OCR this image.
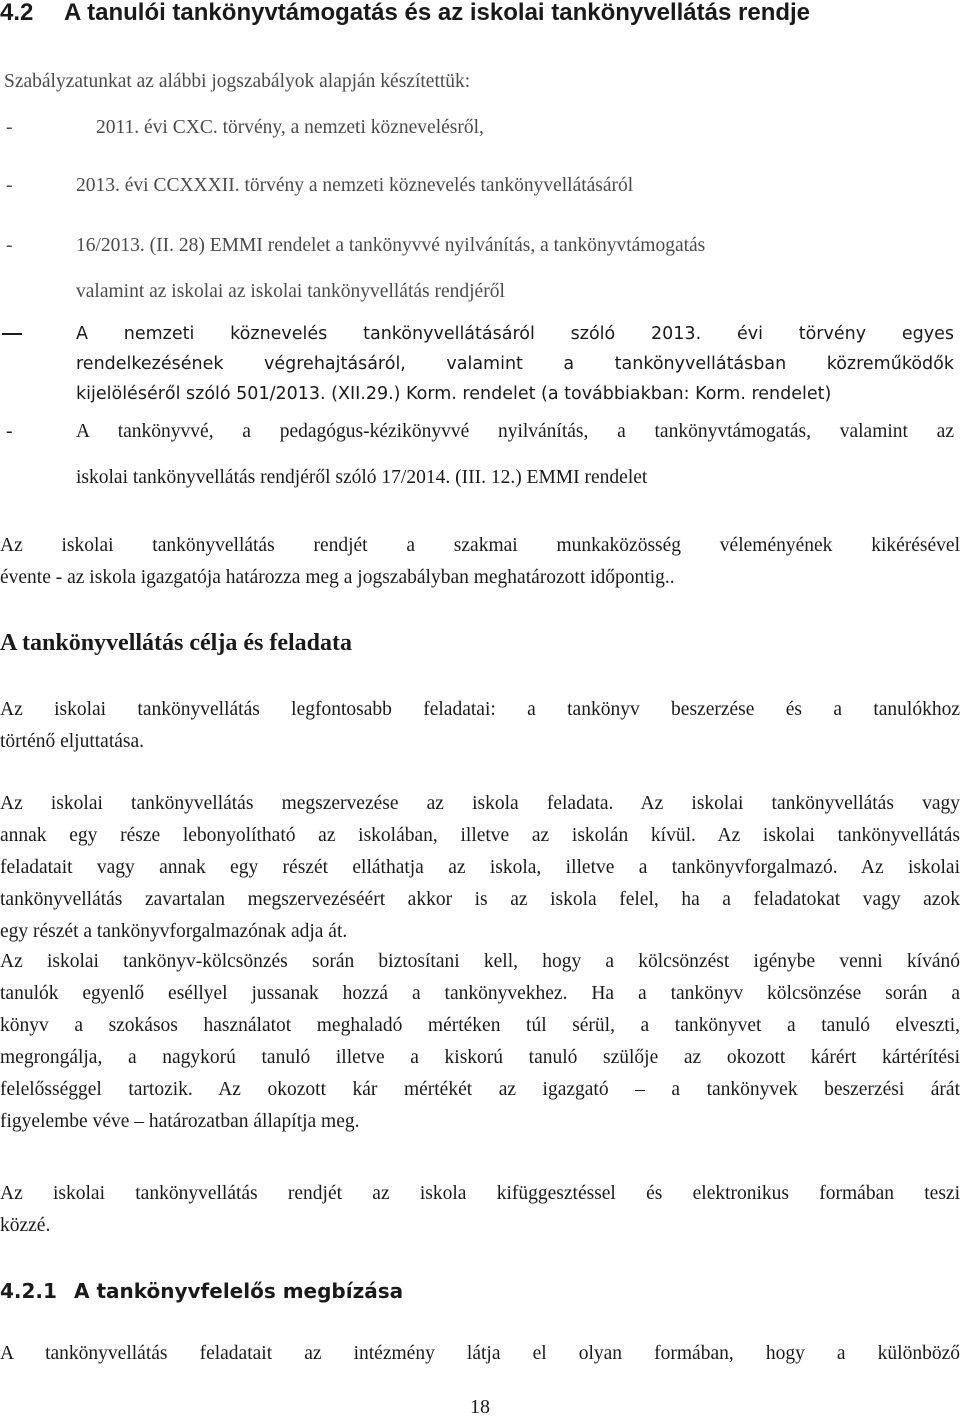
4.2 A tanulói tankönyvtámogatás és az iskolai tankönyvellátás rendje
Szabályzatunkat az alábbi jogszabályok alapján készítettük:
-	2011. évi CXC. törvény, a nemzeti köznevelésről,
-	2013. évi CCXXXII. törvény a nemzeti köznevelés tankönyvellátásáról
-	16/2013. (II. 28) EMMI rendelet a tankönyvvé nyilvánítás, a tankönyvtámogatás
valamint az iskolai az iskolai tankönyvellátás rendjéről
A nemzeti köznevelés tankönyvellátásáról szóló 2013. évi törvény egyes
rendelkezésének végrehajtásáról, valamint a tankönyvellátásban közreműködők
kijelöléséről szóló 501/2013. (XII.29.) Korm. rendelet (a továbbiakban: Korm. rendelet)
-	A tankönyvvé, a pedagógus-kézikönyvvé nyilvánítás, a tankönyvtámogatás, valamint az
iskolai tankönyvellátás rendjéről szóló 17/2014. (III. 12.) EMMI rendelet
Az iskolai tankönyvellátás rendjét a szakmai munkaközösség véleményének kikérésével
évente - az iskola igazgatója határozza meg a jogszabályban meghatározott időpontig..
A tankönyvellátás célja és feladata
Az iskolai tankönyvellátás legfontosabb feladatai: a tankönyv beszerzése és a tanulókhoz
történő eljuttatása.
Az iskolai tankönyvellátás megszervezése az iskola feladata. Az iskolai tankönyvellátás vagy
annak egy része lebonyolítható az iskolában, illetve az iskolán kívül. Az iskolai tankönyvellátás
feladatait vagy annak egy részét elláthatja az iskola, illetve a tankönyvforgalmazó. Az iskolai
tankönyvellátás zavartalan megszervezéséért akkor is az iskola felel, ha a feladatokat vagy azok
egy részét a tankönyvforgalmazónak adja át.
Az iskolai tankönyv-kölcsönzés során biztosítani kell, hogy a kölcsönzést igénybe venni kívánó
tanulók egyenlő eséllyel jussanak hozzá a tankönyvekhez. Ha a tankönyv kölcsönzése során a
könyv a szokásos használatot meghaladó mértéken túl sérül, a tankönyvet a tanuló elveszti,
megrongálja, a nagykorú tanuló illetve a kiskorú tanuló szülője az okozott kárért kártérítési
felelősséggel tartozik. Az okozott kár mértékét az igazgató – a tankönyvek beszerzési árát
figyelembe véve – határozatban állapítja meg.
Az iskolai tankönyvellátás rendjét az iskola kifüggesztéssel és elektronikus formában teszi
közzé.
4.2.1 A tankönyvfelelős megbízása
A tankönyvellátás feladatait az intézmény látja el olyan formában, hogy a különböző
18
